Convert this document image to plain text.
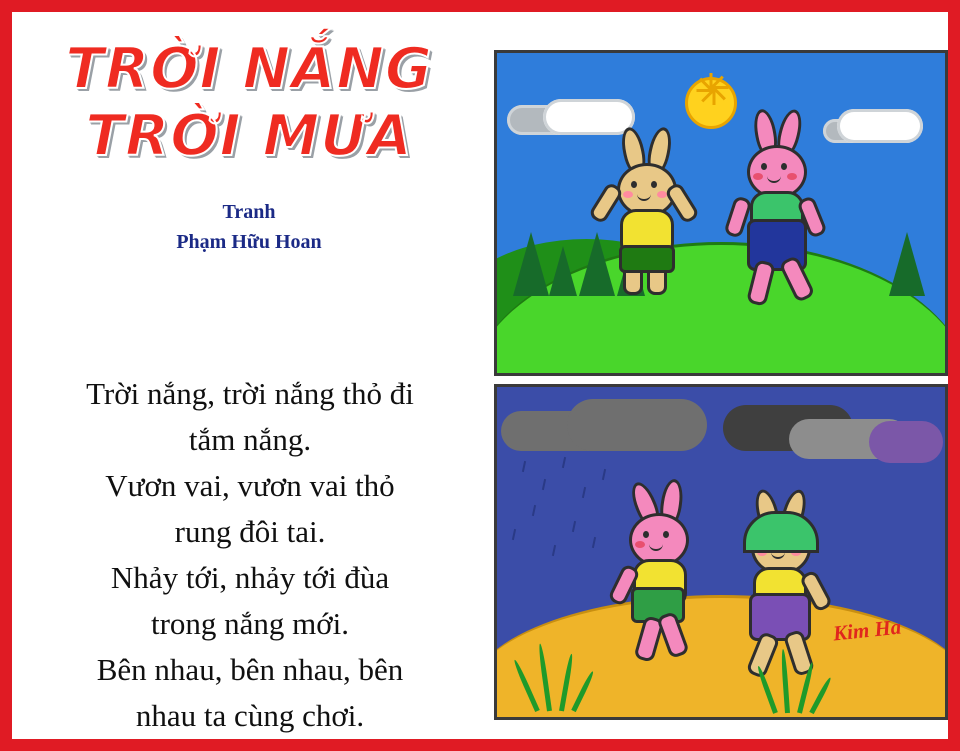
TRỜI NẮNG
TRỜI MƯA
Tranh
Phạm Hữu Hoan

Trời nắng, trời nắng thỏ đi

tắm nắng.

Vươn vai, vươn vai thỏ

rung đôi tai.

Nhảy tới, nhảy tới đùa

trong nắng mới.

Bên nhau, bên nhau, bên

nhau ta cùng chơi.

Kim Ha
